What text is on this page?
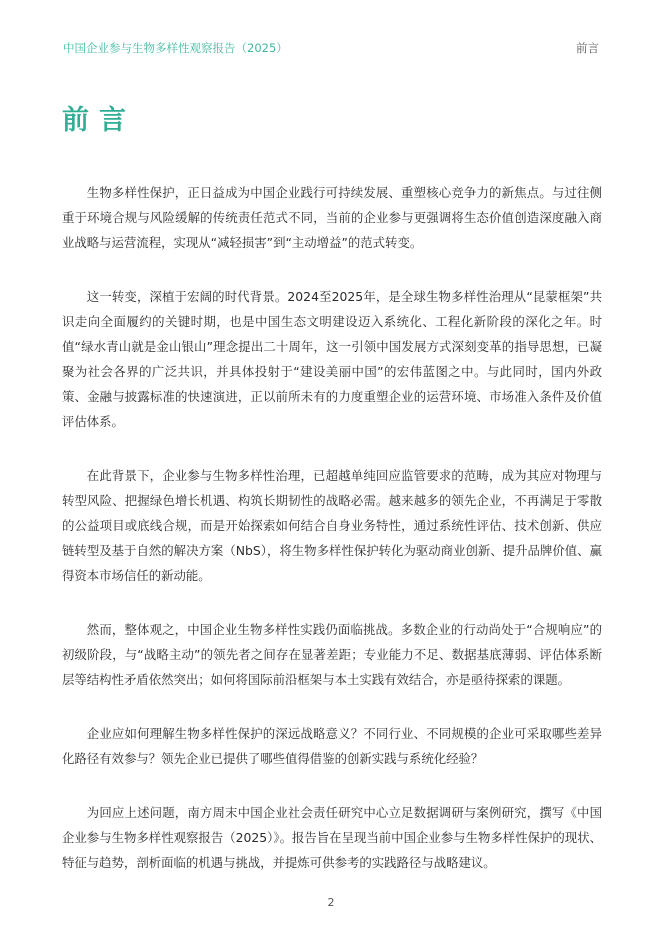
中国企业参与生物多样性观察报告（2025）	前言
前言

生物多样性保护，正日益成为中国企业践行可持续发展、重塑核心竞争力的新焦点。与过往侧重于环境合规与风险缓解的传统责任范式不同，当前的企业参与更强调将生态价值创造深度融入商业战略与运营流程，实现从“减轻损害”到“主动增益”的范式转变。

这一转变，深植于宏阔的时代背景。2024至2025年，是全球生物多样性治理从“昆蒙框架”共识走向全面履约的关键时期，也是中国生态文明建设迈入系统化、工程化新阶段的深化之年。时值“绿水青山就是金山银山”理念提出二十周年，这一引领中国发展方式深刻变革的指导思想，已凝聚为社会各界的广泛共识，并具体投射于“建设美丽中国”的宏伟蓝图之中。与此同时，国内外政策、金融与披露标准的快速演进，正以前所未有的力度重塑企业的运营环境、市场准入条件及价值评估体系。

在此背景下，企业参与生物多样性治理，已超越单纯回应监管要求的范畴，成为其应对物理与转型风险、把握绿色增长机遇、构筑长期韧性的战略必需。越来越多的领先企业，不再满足于零散的公益项目或底线合规，而是开始探索如何结合自身业务特性，通过系统性评估、技术创新、供应链转型及基于自然的解决方案（NbS），将生物多样性保护转化为驱动商业创新、提升品牌价值、赢得资本市场信任的新动能。

然而，整体观之，中国企业生物多样性实践仍面临挑战。多数企业的行动尚处于“合规响应”的初级阶段，与“战略主动”的领先者之间存在显著差距；专业能力不足、数据基底薄弱、评估体系断层等结构性矛盾依然突出；如何将国际前沿框架与本土实践有效结合，亦是亟待探索的课题。

企业应如何理解生物多样性保护的深远战略意义？不同行业、不同规模的企业可采取哪些差异化路径有效参与？领先企业已提供了哪些值得借鉴的创新实践与系统化经验？

为回应上述问题，南方周末中国企业社会责任研究中心立足数据调研与案例研究，撰写《中国企业参与生物多样性观察报告（2025）》。报告旨在呈现当前中国企业参与生物多样性保护的现状、特征与趋势，剖析面临的机遇与挑战，并提炼可供参考的实践路径与战略建议。

2
